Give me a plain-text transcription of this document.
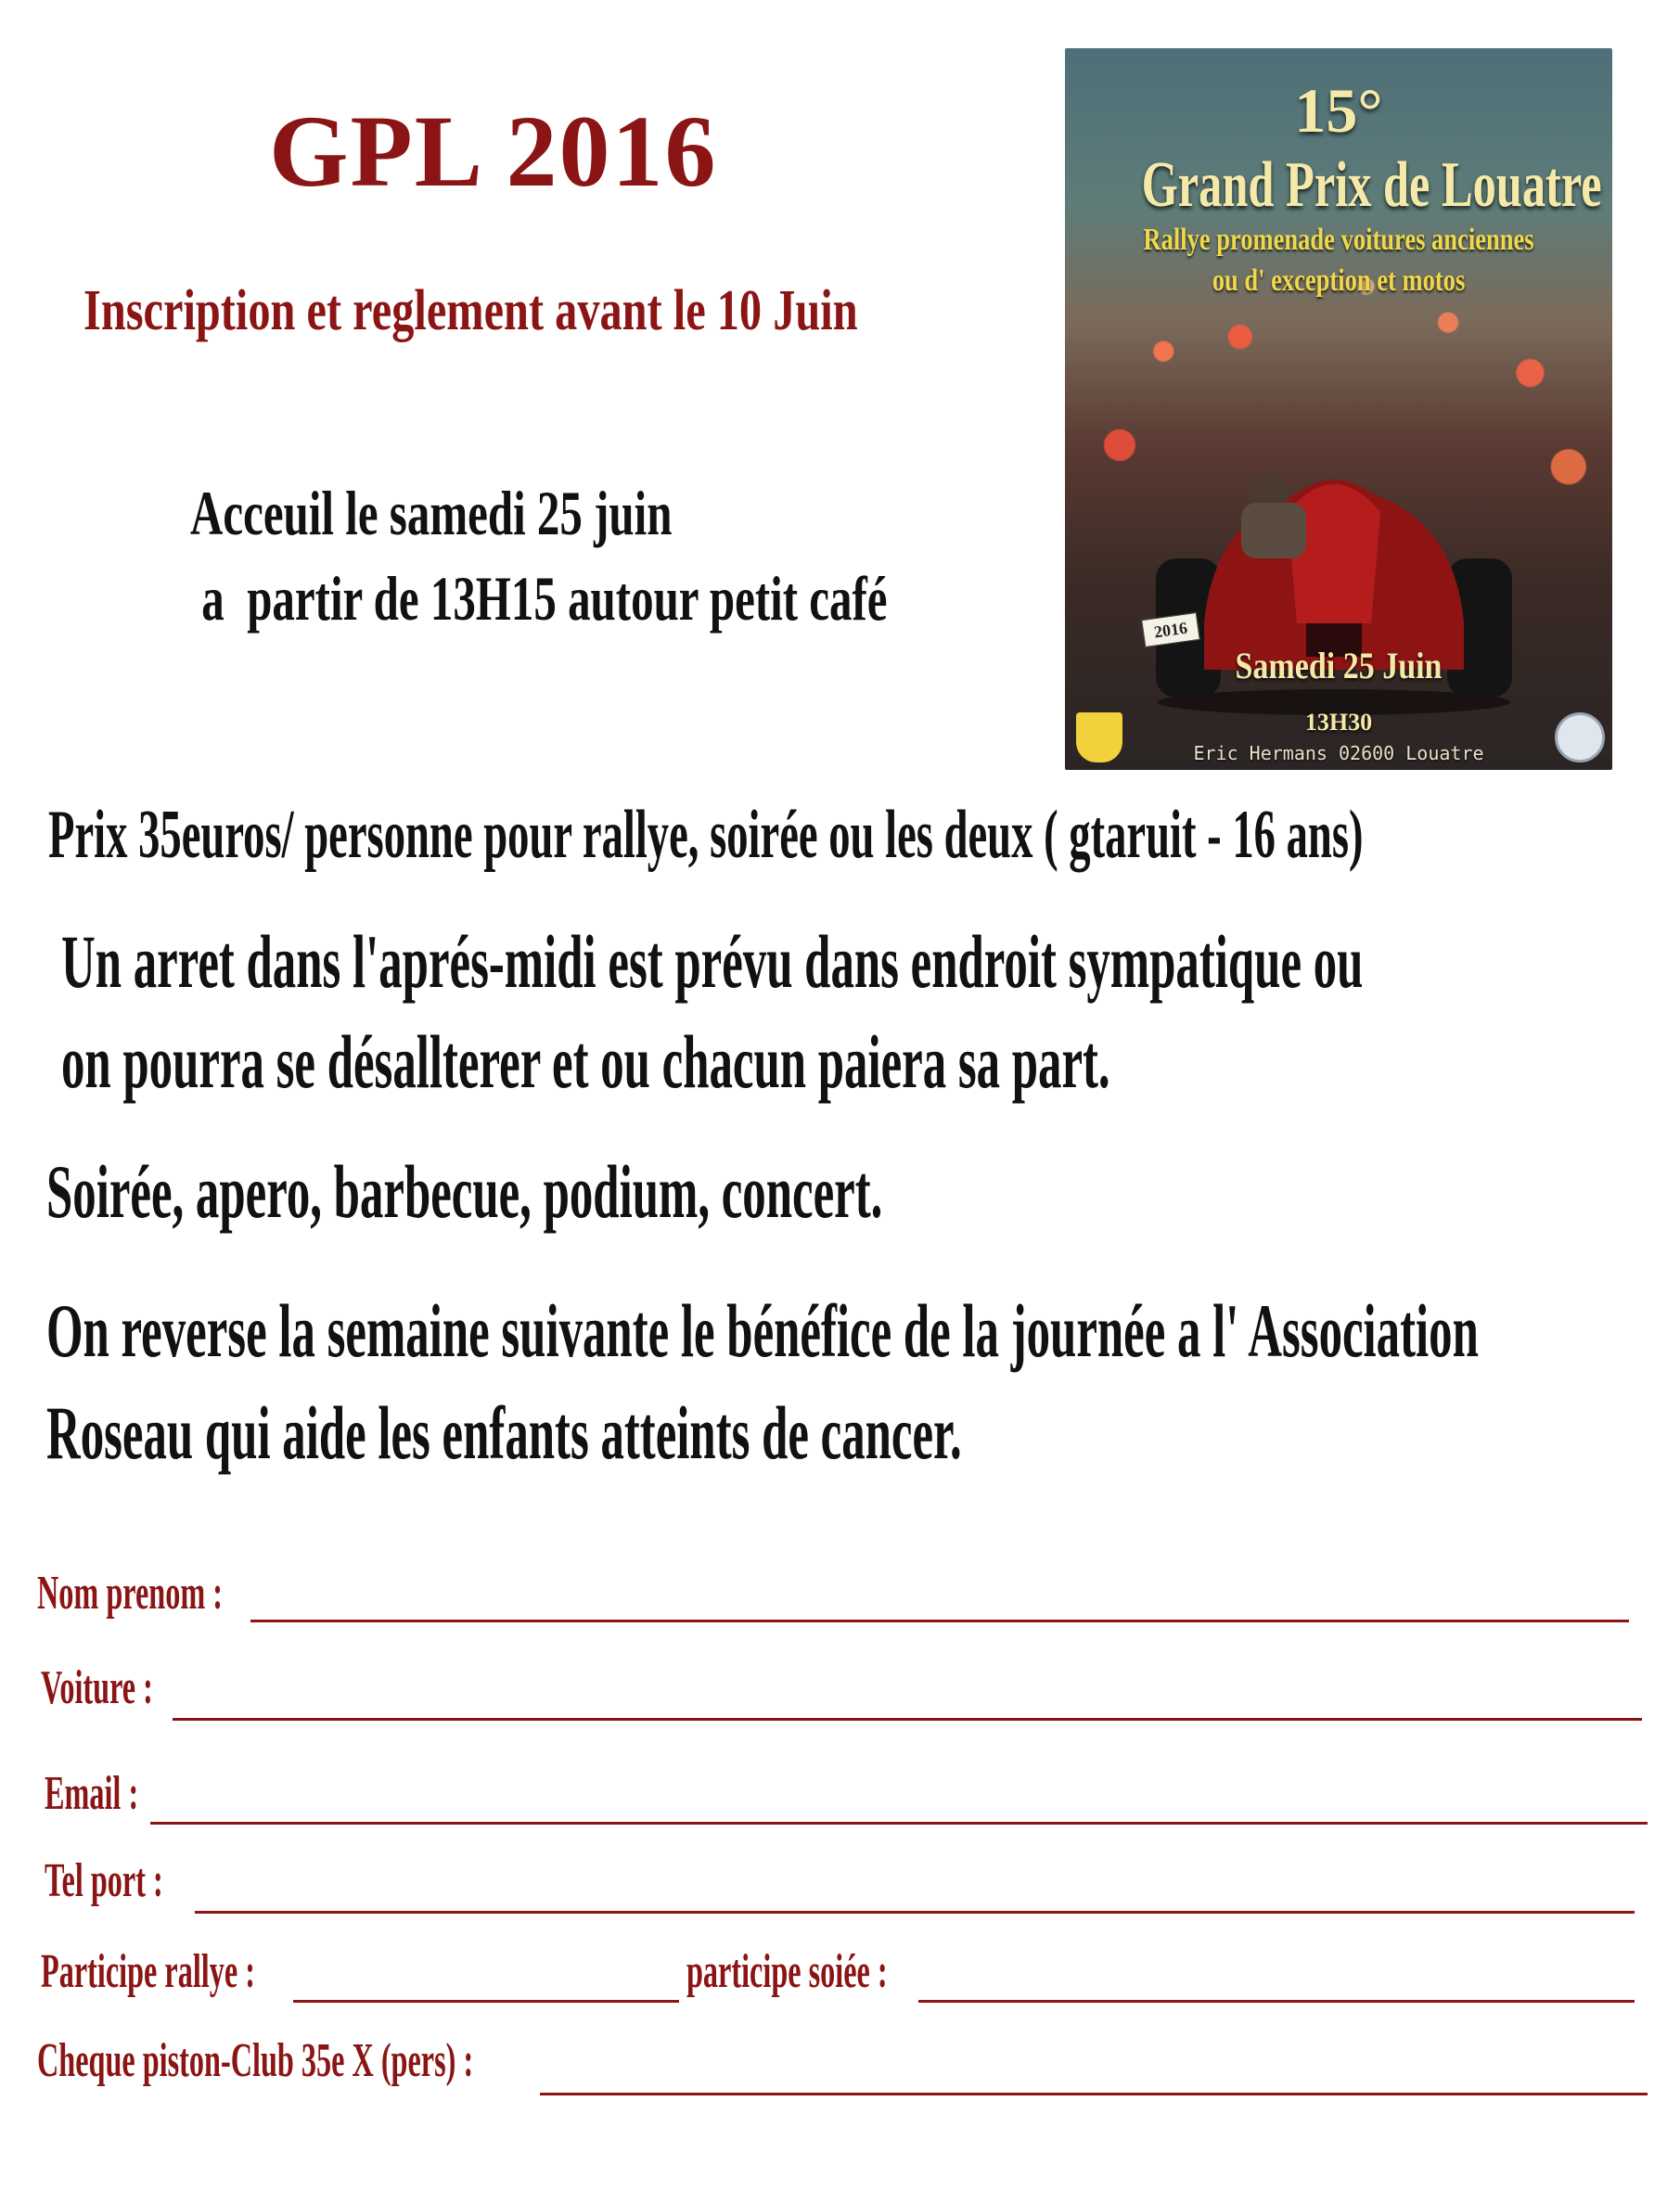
GPL 2016
Inscription et reglement avant le 10 Juin
Acceuil le samedi 25 juin
a  partir de 13H15 autour petit café
15°
Grand Prix de Louatre
Rallye promenade voitures anciennes
ou d' exception et motos
2016
Samedi 25 Juin
13H30
Eric Hermans 02600 Louatre
Prix 35euros/ personne pour rallye, soirée ou les deux ( gtaruit - 16 ans)
Un arret dans l'aprés-midi est prévu dans endroit sympatique ou
on pourra se désallterer et ou chacun paiera sa part.
Soirée, apero, barbecue, podium, concert.
On reverse la semaine suivante le bénéfice de la journée a l' Association
Roseau qui aide les enfants atteints de cancer.
Nom prenom :
Voiture :
Email :
Tel port :
Participe rallye :	participe soiée :
Cheque piston-Club 35e X (pers) :
